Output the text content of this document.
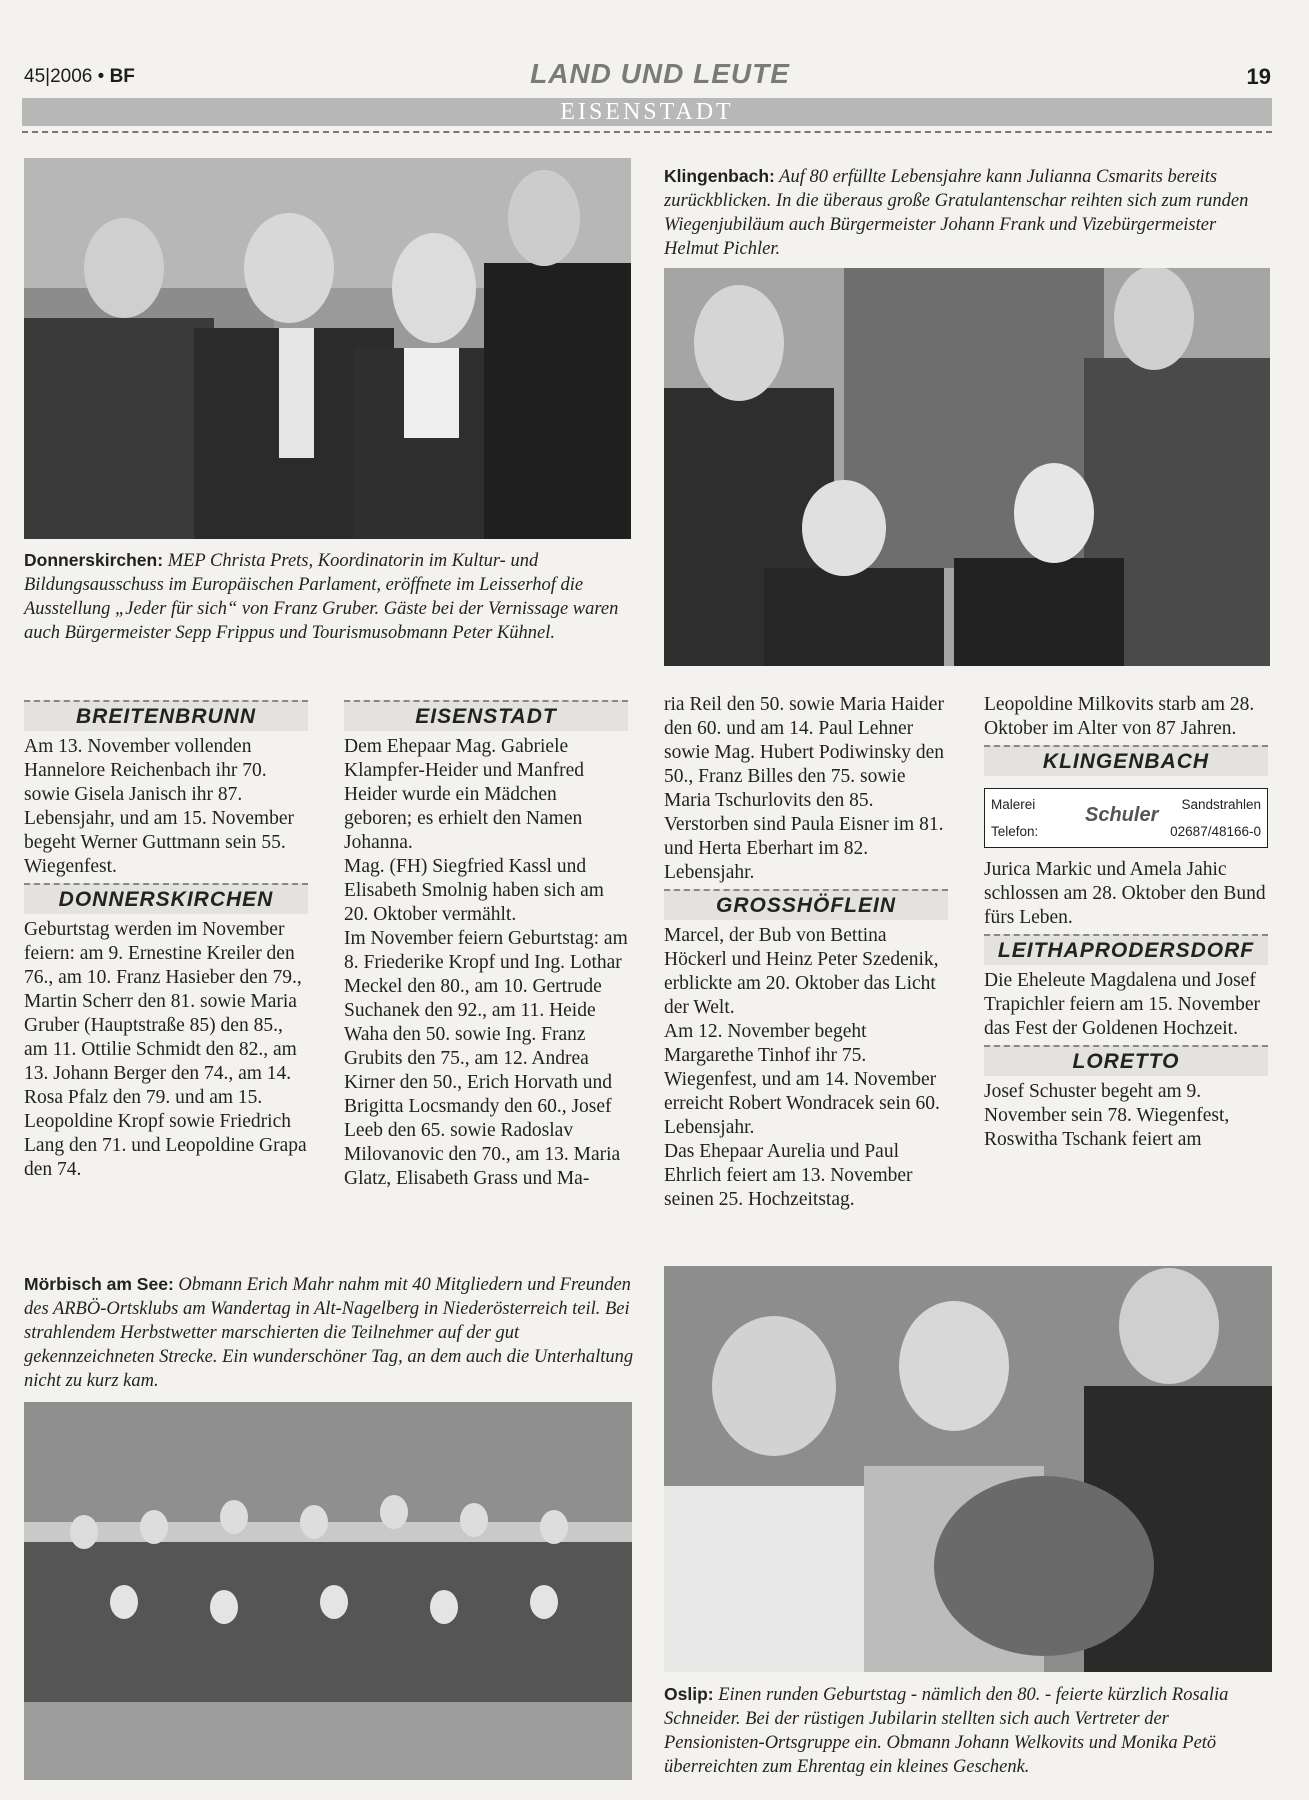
45|2006 • BF	LAND UND LEUTE	19
EISENSTADT
Donnerskirchen: MEP Christa Prets, Koordinatorin im Kultur- und Bildungsausschuss im Europäischen Parlament, eröffnete im Leisserhof die Ausstellung „Jeder für sich“ von Franz Gruber. Gäste bei der Vernissage waren auch Bürgermeister Sepp Frippus und Tourismusobmann Peter Kühnel.
Klingenbach: Auf 80 erfüllte Lebensjahre kann Julianna Csmarits bereits zurückblicken. In die überaus große Gratulantenschar reihten sich zum runden Wiegenjubiläum auch Bürgermeister Johann Frank und Vizebürgermeister Helmut Pichler.
BREITENBRUNN

Am 13. November vollenden Hannelore Reichenbach ihr 70. sowie Gisela Janisch ihr 87. Lebensjahr, und am 15. November begeht Werner Guttmann sein 55. Wiegenfest.

DONNERSKIRCHEN

Geburtstag werden im November feiern: am 9. Ernestine Kreiler den 76., am 10. Franz Hasieber den 79., Martin Scherr den 81. sowie Maria Gruber (Hauptstraße 85) den 85., am 11. Ottilie Schmidt den 82., am 13. Johann Berger den 74., am 14. Rosa Pfalz den 79. und am 15. Leopoldine Kropf sowie Friedrich Lang den 71. und Leopoldine Grapa den 74.

EISENSTADT

Dem Ehepaar Mag. Gabriele Klampfer-Heider und Manfred Heider wurde ein Mädchen geboren; es erhielt den Namen Johanna.

Mag. (FH) Siegfried Kassl und Elisabeth Smolnig haben sich am 20. Oktober vermählt.

Im November feiern Geburtstag: am 8. Friederike Kropf und Ing. Lothar Meckel den 80., am 10. Gertrude Suchanek den 92., am 11. Heide Waha den 50. sowie Ing. Franz Grubits den 75., am 12. Andrea Kirner den 50., Erich Horvath und Brigitta Locsmandy den 60., Josef Leeb den 65. sowie Radoslav Milovanovic den 70., am 13. Maria Glatz, Elisabeth Grass und Ma-

ria Reil den 50. sowie Maria Haider den 60. und am 14. Paul Lehner sowie Mag. Hubert Podiwinsky den 50., Franz Billes den 75. sowie Maria Tschurlovits den 85. Verstorben sind Paula Eisner im 81. und Herta Eberhart im 82. Lebensjahr.

GROSSHÖFLEIN

Marcel, der Bub von Bettina Höckerl und Heinz Peter Szedenik, erblickte am 20. Oktober das Licht der Welt.

Am 12. November begeht Margarethe Tinhof ihr 75. Wiegenfest, und am 14. November erreicht Robert Wondracek sein 60. Lebensjahr.

Das Ehepaar Aurelia und Paul Ehrlich feiert am 13. November seinen 25. Hochzeitstag.

Leopoldine Milkovits starb am 28. Oktober im Alter von 87 Jahren.

KLINGENBACH
Malerei	Sandstrahlen
Schuler
Telefon:	02687/48166-0

Jurica Markic und Amela Jahic schlossen am 28. Oktober den Bund fürs Leben.

LEITHAPRODERSDORF

Die Eheleute Magdalena und Josef Trapichler feiern am 15. November das Fest der Goldenen Hochzeit.

LORETTO

Josef Schuster begeht am 9. November sein 78. Wiegenfest, Roswitha Tschank feiert am

Mörbisch am See: Obmann Erich Mahr nahm mit 40 Mitgliedern und Freunden des ARBÖ-Ortsklubs am Wandertag in Alt-Nagelberg in Niederösterreich teil. Bei strahlendem Herbstwetter marschierten die Teilnehmer auf der gut gekennzeichneten Strecke. Ein wunderschöner Tag, an dem auch die Unterhaltung nicht zu kurz kam.
Oslip: Einen runden Geburtstag - nämlich den 80. - feierte kürzlich Rosalia Schneider. Bei der rüstigen Jubilarin stellten sich auch Vertreter der Pensionisten-Ortsgruppe ein. Obmann Johann Welkovits und Monika Petö überreichten zum Ehrentag ein kleines Geschenk.
